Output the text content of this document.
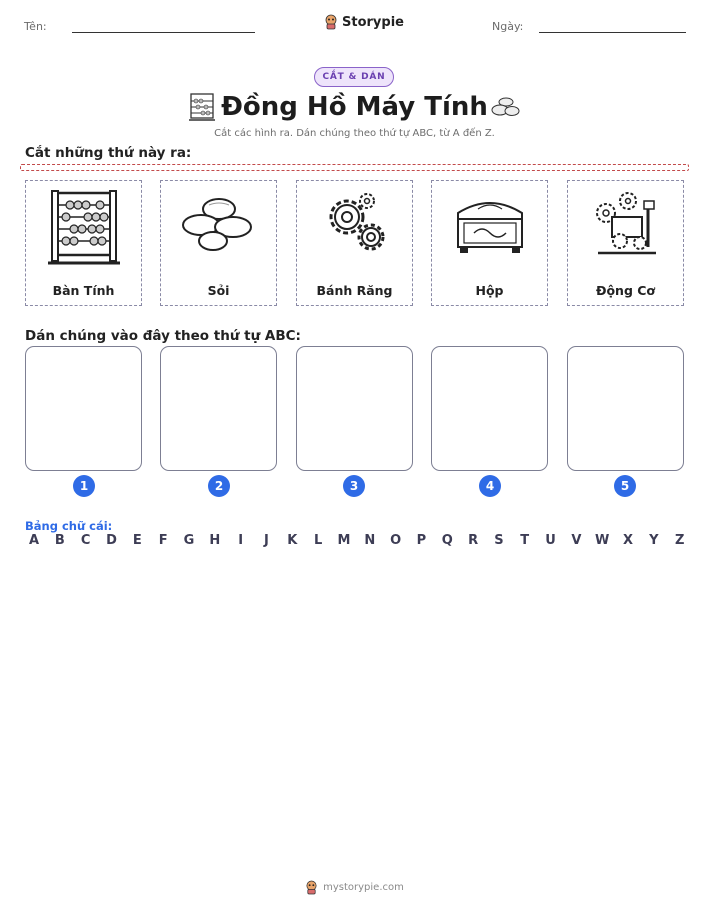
Tên:	Storypie	Ngày:
CẮT & DÁN
Đồng Hồ Máy Tính
Cắt các hình ra. Dán chúng theo thứ tự ABC, từ A đến Z.
Cắt những thứ này ra:
Bàn Tính	Sỏi	Bánh Răng	Hộp	Động Cơ
Dán chúng vào đây theo thứ tự ABC:
1	2	3	4	5
Bảng chữ cái:
A	B	C	D	E	F	G H	I	J	K	L	M N O	P	Q	R	S	T	U	V	W	X	Y	Z
mystorypie.com
